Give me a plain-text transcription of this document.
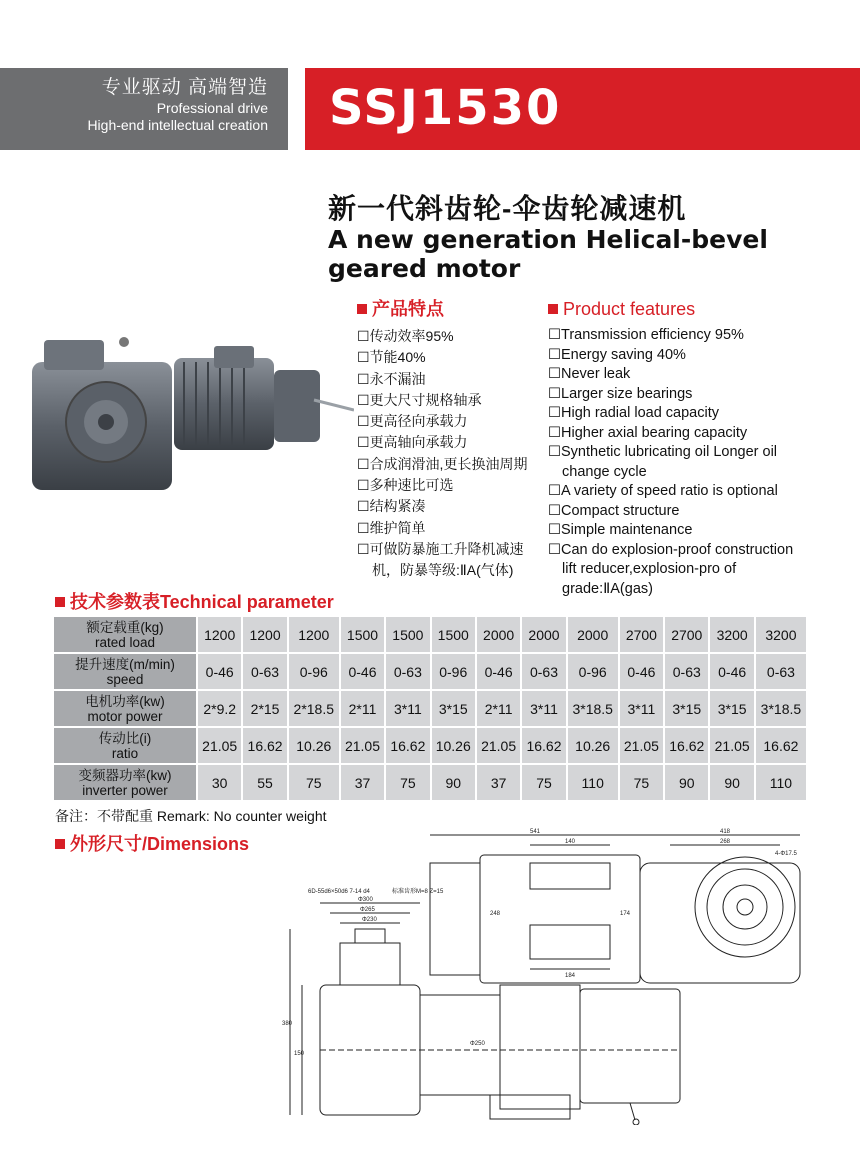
专业驱动 高端智造
Professional drive
High-end intellectual creation SSJ1530
新一代斜齿轮-伞齿轮减速机
A new generation Helical-bevel geared motor
产品特点
☐传动效率95%
☐节能40%
☐永不漏油
☐更大尺寸规格轴承
☐更高径向承载力
☐更高轴向承载力
☐合成润滑油,更长换油周期
☐多种速比可选
☐结构紧凑
☐维护简单
☐可做防暴施工升降机减速
机，防暴等级:ⅡA(气体)
Product features
☐Transmission efficiency 95%
☐Energy saving 40%
☐Never leak
☐Larger size bearings
☐High radial load capacity
☐Higher axial bearing capacity
☐Synthetic lubricating oil Longer oil
change cycle
☐A variety of speed ratio is optional
☐Compact structure
☐Simple maintenance
☐Can do explosion-proof construction
lift reducer,explosion-pro of
grade:ⅡA(gas)
技术参数表Technical parameter
额定载重(kg)
rated load	1200	1200	1200	1500	1500	1500	2000	2000	2000	2700	2700	3200	3200

提升速度(m/min)
speed	0-46	0-63	0-96	0-46	0-63	0-96	0-46	0-63	0-96	0-46	0-63	0-46	0-63

电机功率(kw)
motor power	2*9.2	2*15	2*18.5	2*11	3*11	3*15	2*11	3*11	3*18.5	3*11	3*15	3*15	3*18.5

传动比(i)
ratio	21.05	16.62	10.26	21.05	16.62	10.26	21.05	16.62	10.26	21.05	16.62	21.05	16.62

变频器功率(kw)
inverter power	30	55	75	37	75	90	37	75	110	75	90	90	110
备注：不带配重 Remark: No counter weight
外形尺寸/Dimensions
541	418
140	268
184
4-Φ17.5
Φ300
Φ265
Φ230
Φ250
380
150
248	174
6D-55d6×50d6 7-14 d4	标准齿形M=8 Z=15
